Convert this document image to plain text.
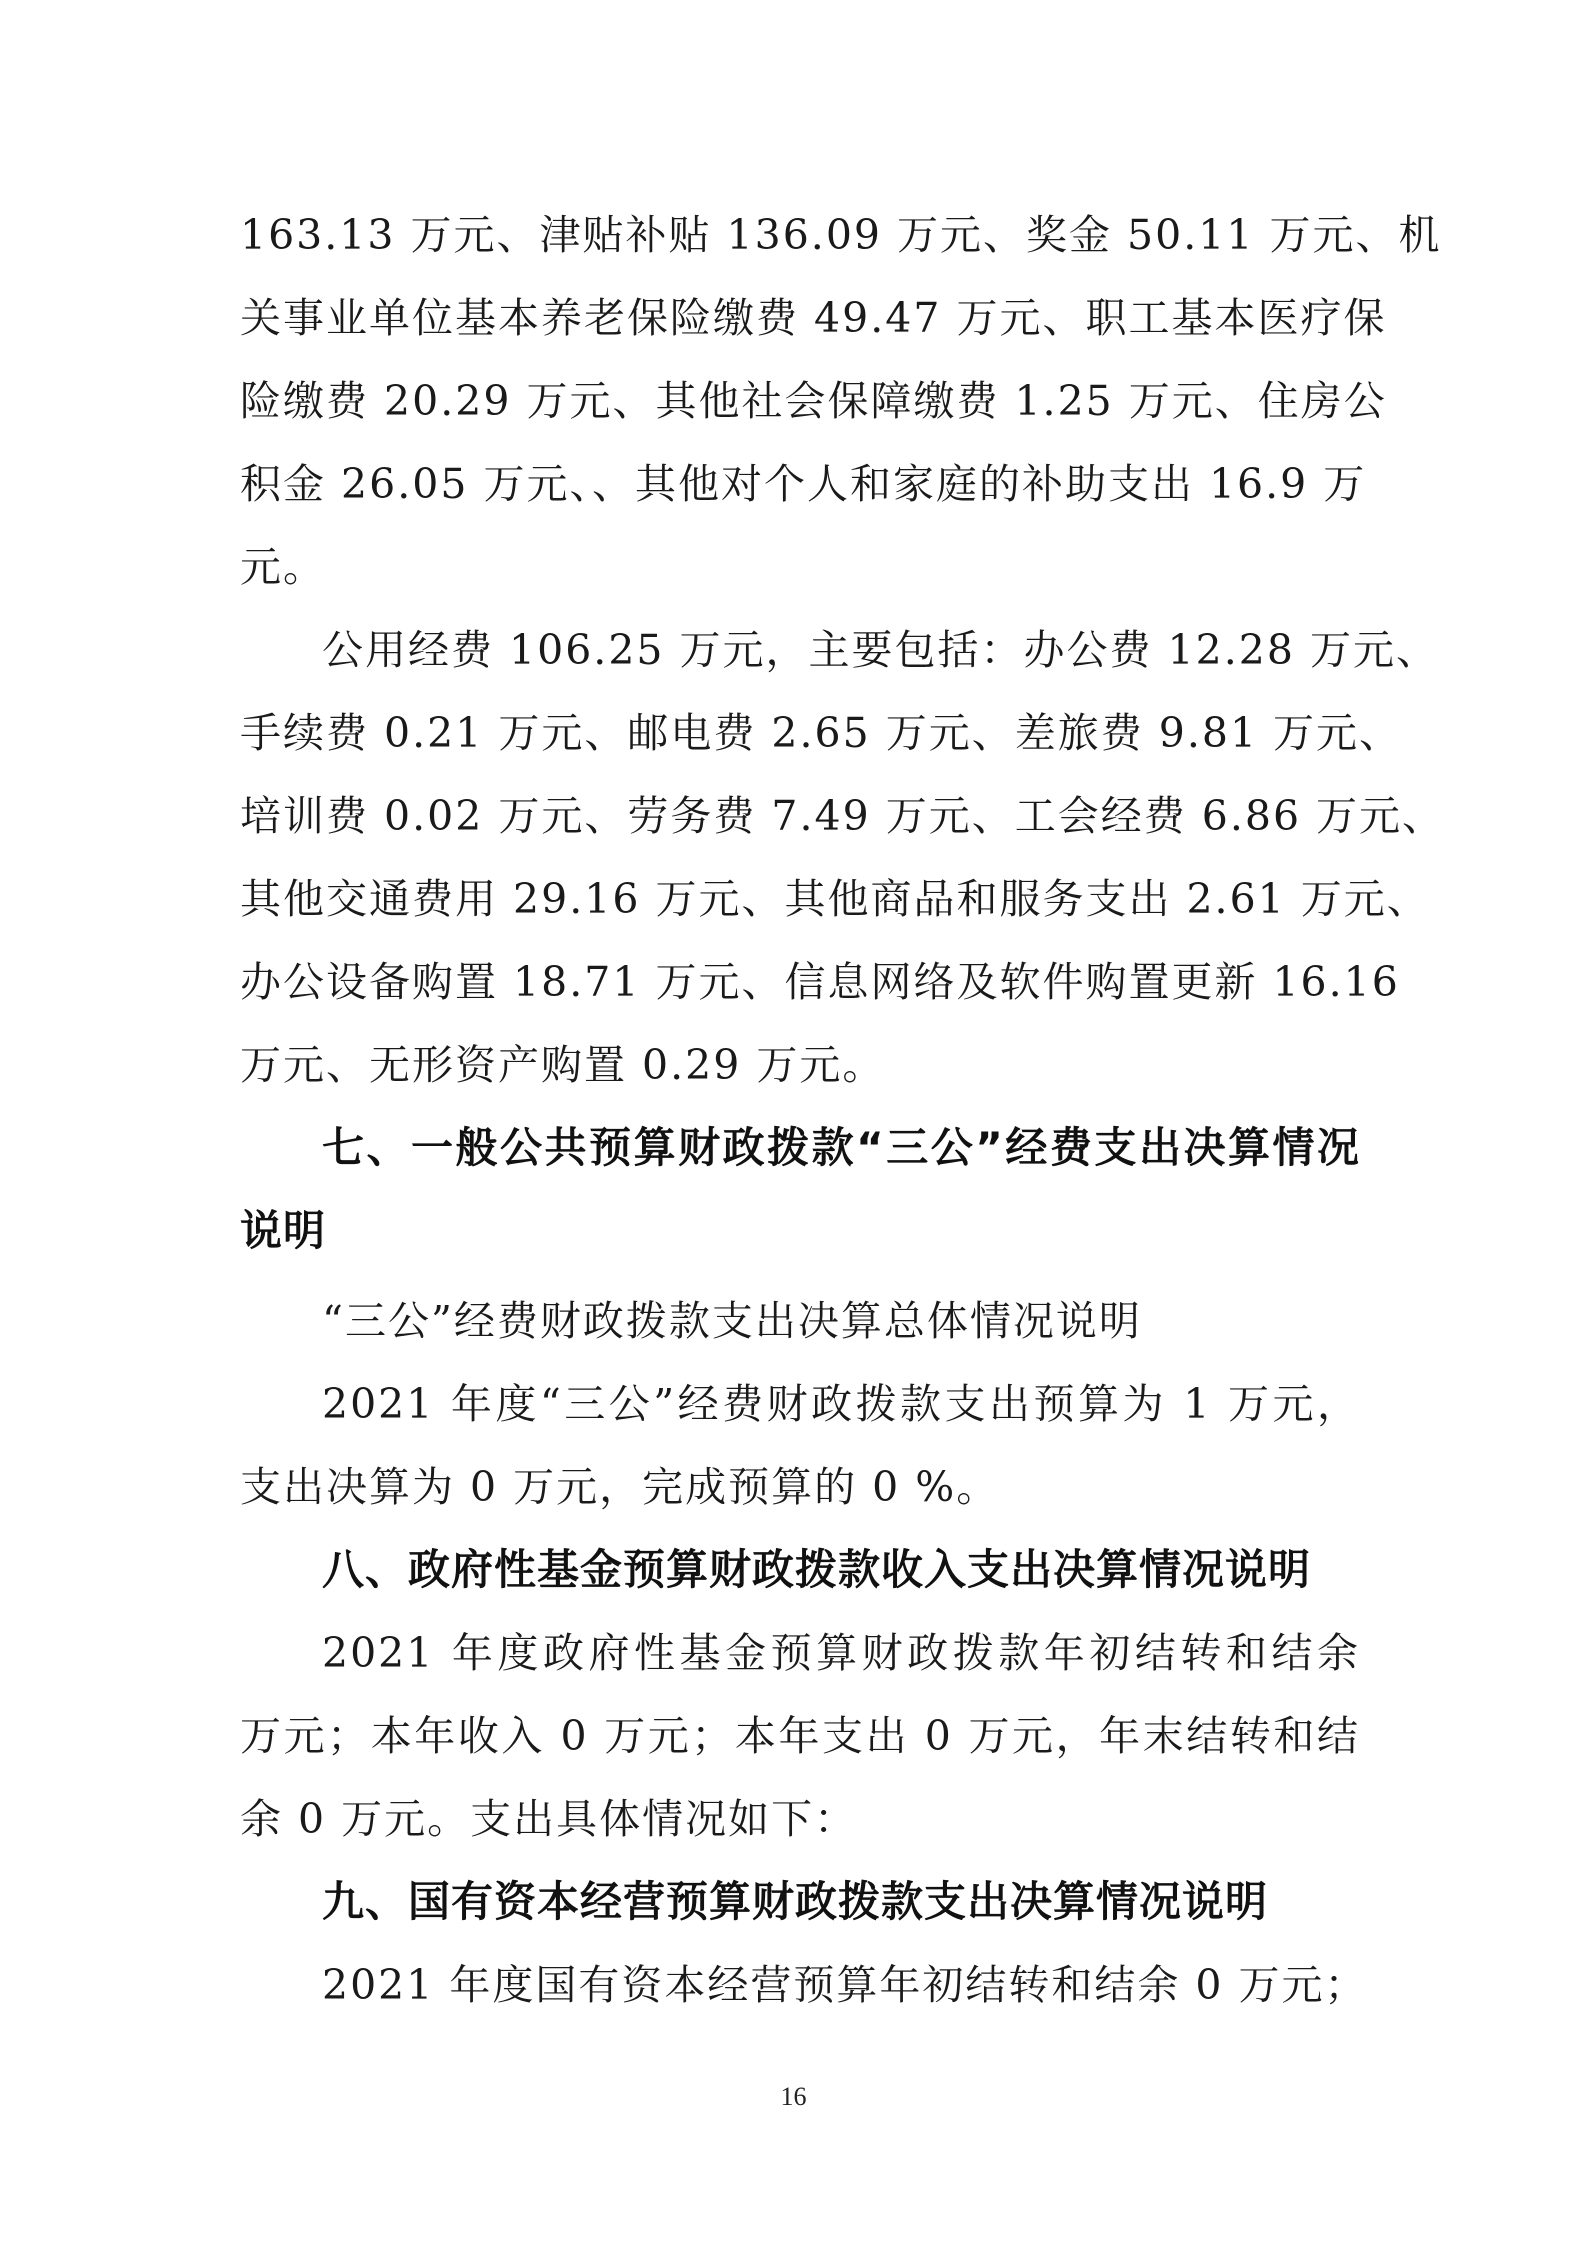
163.13 万元、津贴补贴 136.09 万元、奖金 50.11 万元、机
关事业单位基本养老保险缴费 49.47 万元、职工基本医疗保
险缴费 20.29 万元、其他社会保障缴费 1.25 万元、住房公
积金 26.05 万元、、其他对个人和家庭的补助支出 16.9 万
元。
公用经费 106.25 万元，主要包括：办公费 12.28 万元、
手续费 0.21 万元、邮电费 2.65 万元、差旅费 9.81 万元、
培训费 0.02 万元、劳务费 7.49 万元、工会经费 6.86 万元、
其他交通费用 29.16 万元、其他商品和服务支出 2.61 万元、
办公设备购置 18.71 万元、信息网络及软件购置更新 16.16
万元、无形资产购置 0.29 万元。
七、一般公共预算财政拨款“三公”经费支出决算情况
说明
“三公”经费财政拨款支出决算总体情况说明
2021 年度“三公”经费财政拨款支出预算为 1 万元，
支出决算为 0 万元，完成预算的 0 %。
八、政府性基金预算财政拨款收入支出决算情况说明
2021 年度政府性基金预算财政拨款年初结转和结余
万元；本年收入 0 万元；本年支出 0 万元，年末结转和结
余 0 万元。支出具体情况如下：
九、国有资本经营预算财政拨款支出决算情况说明
2021 年度国有资本经营预算年初结转和结余 0 万元；
16
